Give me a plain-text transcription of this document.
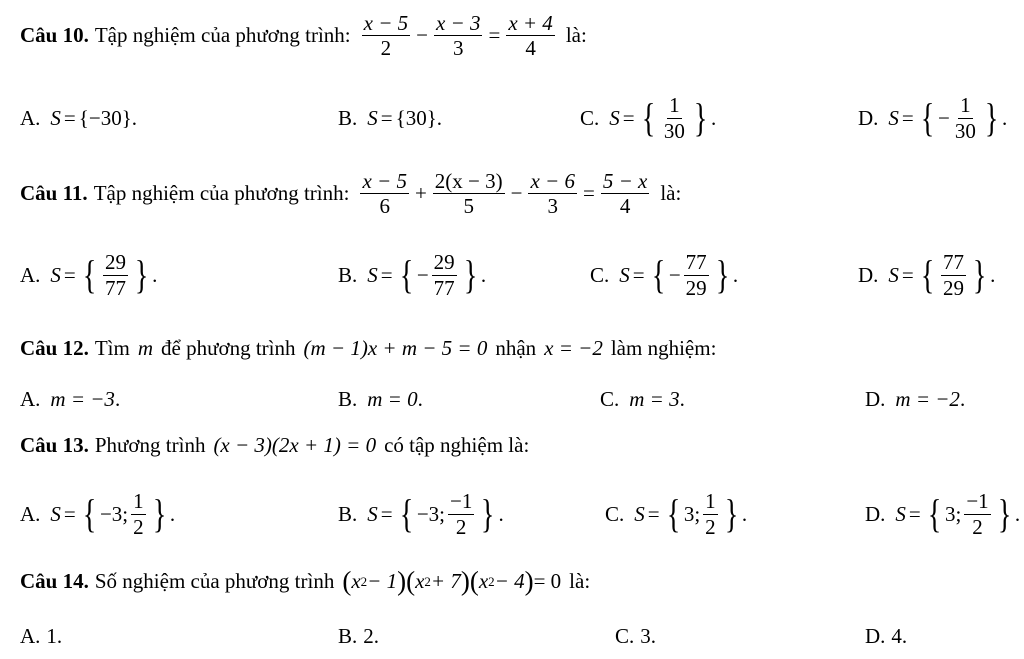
Câu 10. Tập nghiệm của phương trình: $\frac{x - 5}{2} - \frac{x - 3}{3} = \frac{x + 4}{4}$ là:
A. S = { −30 } .	B. S = { 30 } .	C. S = { $\frac{1}{30}$ } .	D. S = { − $\frac{1}{30}$ } .
Câu 11. Tập nghiệm của phương trình: $\frac{x - 5}{6} + \frac{2(x - 3)}{5} - \frac{x - 6}{3} = \frac{5 - x}{4}$ là:
A. S = { $\frac{29}{77}$ } .	B. S = { − $\frac{29}{77}$ } .	C. S = { − $\frac{77}{29}$ } .	D. S = { $\frac{77}{29}$ } .
Câu 12. Tìm m để phương trình (m − 1)x + m − 5 = 0 nhận x = −2 làm nghiệm:
A. m = −3 .	B. m = 0 .	C. m = 3 .	D. m = −2 .
Câu 13. Phương trình (x − 3)(2x + 1) = 0 có tập nghiệm là:
A. S = { −3; $\frac{1}{2}$ } .	B. S = { −3; $\frac{-1}{2}$ } .	C. S = { 3; $\frac{1}{2}$ } .	D. S = { 3; $\frac{-1}{2}$ } .
Câu 14. Số nghiệm của phương trình ( x 2 − 1 ) ( x 2 + 7 ) ( x 2 − 4 ) = 0 là:
A. 1.	B. 2.	C. 3.	D. 4.
